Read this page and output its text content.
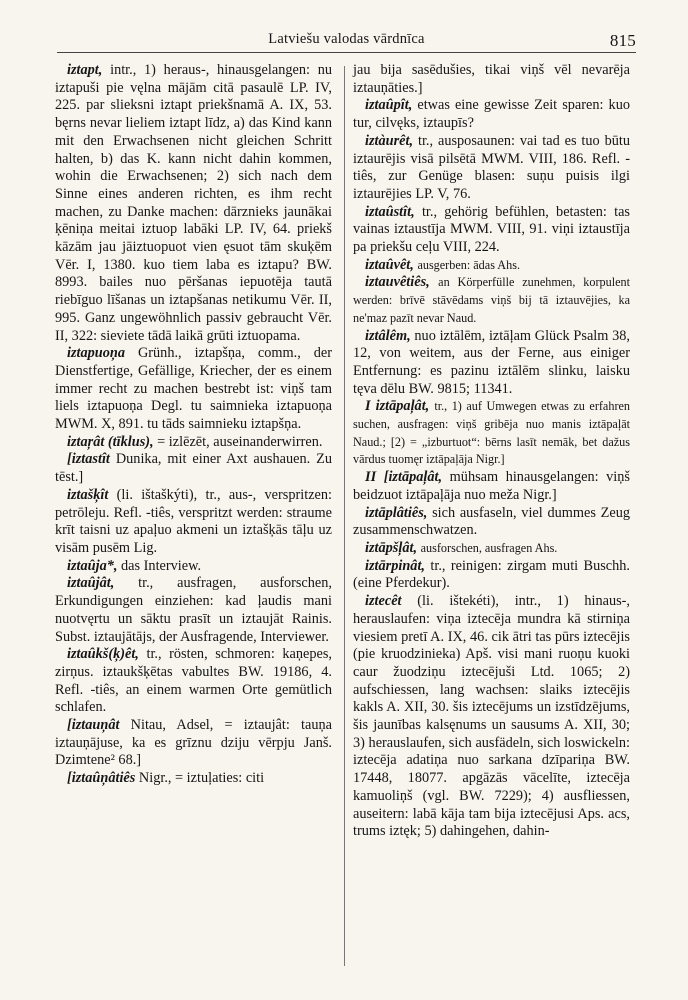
Latviešu valodas vārdnīca	815

iztapt, intr., 1) heraus-, hinausgelangen: nu iztapuši pie vęlna mājām citā pasaulē LP. IV, 225. par slieksni iztapt priekšnamā A. IX, 53. bęrns nevar lieliem iztapt līdz, a) das Kind kann mit den Erwachsenen nicht gleichen Schritt halten, b) das K. kann nicht dahin kommen, wohin die Erwachsenen; 2) sich nach dem Sinne eines anderen richten, es ihm recht machen, zu Danke machen: dārznieks jaunākai ķēniņa meitai iztuop labāki LP. IV, 64. priekš kāzām jau jāiztuopuot vien ęsuot tām skuķēm Vēr. I, 1380. kuo tiem laba es iztapu? BW. 8993. bailes nuo pēršanas iepuotēja tautā riebīguo līšanas un iztapšanas netikumu Vēr. II, 995. Ganz ungewöhnlich passiv gebraucht Vēr. II, 322: sieviete tādā laikā grūti iztuopama.

iztapuoņa Grünh., iztapšņa, comm., der Dienstfertige, Gefällige, Kriecher, der es einem immer recht zu machen bestrebt ist: viņš tam liels iztapuoņa Degl. tu saimnieka iztapuoņa MWM. X, 891. tu tāds saimnieku iztapšņa.

iztaŗât (tīklus), = izlēzēt, auseinanderwirren.

[iztastît Dunika, mit einer Axt aushauen. Zu tēst.]

iztašķît (li. ištaškýti), tr., aus-, verspritzen: petrōleju. Refl. -tiês, verspritzt werden: straume krīt taisni uz apaļuo akmeni un iztašķās tāļu uz visām pusēm Lig.

iztaûja*, das Interview.

iztaûjât, tr., ausfragen, ausforschen, Erkundigungen einziehen: kad ļaudis mani nuotvęrtu un sāktu prasīt un iztaujāt Rainis. Subst. iztaujātājs, der Ausfragende, Interviewer.

iztaûkš(ķ)êt, tr., rösten, schmoren: kaņepes, zirņus. iztaukšķētas vabultes BW. 19186, 4. Refl. -tiês, an einem warmen Orte gemütlich schlafen.

[iztauņât Nitau, Adsel, = iztaujât: tauņa iztauņājuse, ka es grīznu dziju vērpju Janš. Dzimtene² 68.]

[iztaûņâtiês Nigr., = iztuļaties: citi

jau bija sasēdušies, tikai viņš vēl nevarēja iztauņāties.]

iztaûpît, etwas eine gewisse Zeit sparen: kuo tur, cilvęks, iztaupīs?

iztàurêt, tr., ausposaunen: vai tad es tuo būtu iztaurējis visā pilsētā MWM. VIII, 186. Refl. -tiês, zur Genüge blasen: suņu puisis ilgi iztaurējies LP. V, 76.

iztaûstît, tr., gehörig befühlen, betasten: tas vainas iztaustīja MWM. VIII, 91. viņi iztaustīja pa priekšu ceļu VIII, 224.

iztaûvêt, ausgerben: ādas Ahs.

iztauvêtiês, an Körperfülle zunehmen, korpulent werden: brīvē stāvēdams viņš bij tā iztauvējies, ka ne'maz pazīt nevar Naud.

iztâlêm, nuo iztālēm, iztāļam Glück Psalm 38, 12, von weitem, aus der Ferne, aus einiger Entfernung: es pazinu iztālēm slinku, laisku tęva dēlu BW. 9815; 11341.

I iztāpaļât, tr., 1) auf Umwegen etwas zu erfahren suchen, ausfragen: viņš gribēja nuo manis iztāpaļāt Naud.; [2) = „izburtuot“: bērns lasīt nemāk, bet dažus vārdus tuomęr iztāpaļāja Nigr.]

II [iztāpaļât, mühsam hinausgelangen: viņš beidzuot iztāpaļāja nuo meža Nigr.]

iztāplâtiês, sich ausfaseln, viel dummes Zeug zusammenschwatzen.

iztāpšļât, ausforschen, ausfragen Ahs.

iztārpinât, tr., reinigen: zirgam muti Buschh. (eine Pferdekur).

iztecêt (li. ištekéti), intr., 1) hinaus-, herauslaufen: viņa iztecēja mundra kā stirniņa viesiem pretī A. IX, 46. cik ātri tas pūrs iztecējis (pie kruodzinieka) Apš. visi mani ruoņu kuoki caur žuodziņu iztecējuši Ltd. 1065; 2) aufschiessen, lang wachsen: slaiks iztecējis kakls A. XII, 30. šis iztecējums un izstīdzējums, šis jaunības kalsęnums un sausums A. XII, 30; 3) herauslaufen, sich ausfädeln, sich loswickeln: iztecēja adatiņa nuo sarkana dzīpariņa BW. 17448, 18077. apgāzās vācelīte, iztecēja kamuoliņš (vgl. BW. 7229); 4) ausfliessen, auseitern: labā kāja tam bija iztecējusi Aps. acs, trums iztęk; 5) dahingehen, dahin-
